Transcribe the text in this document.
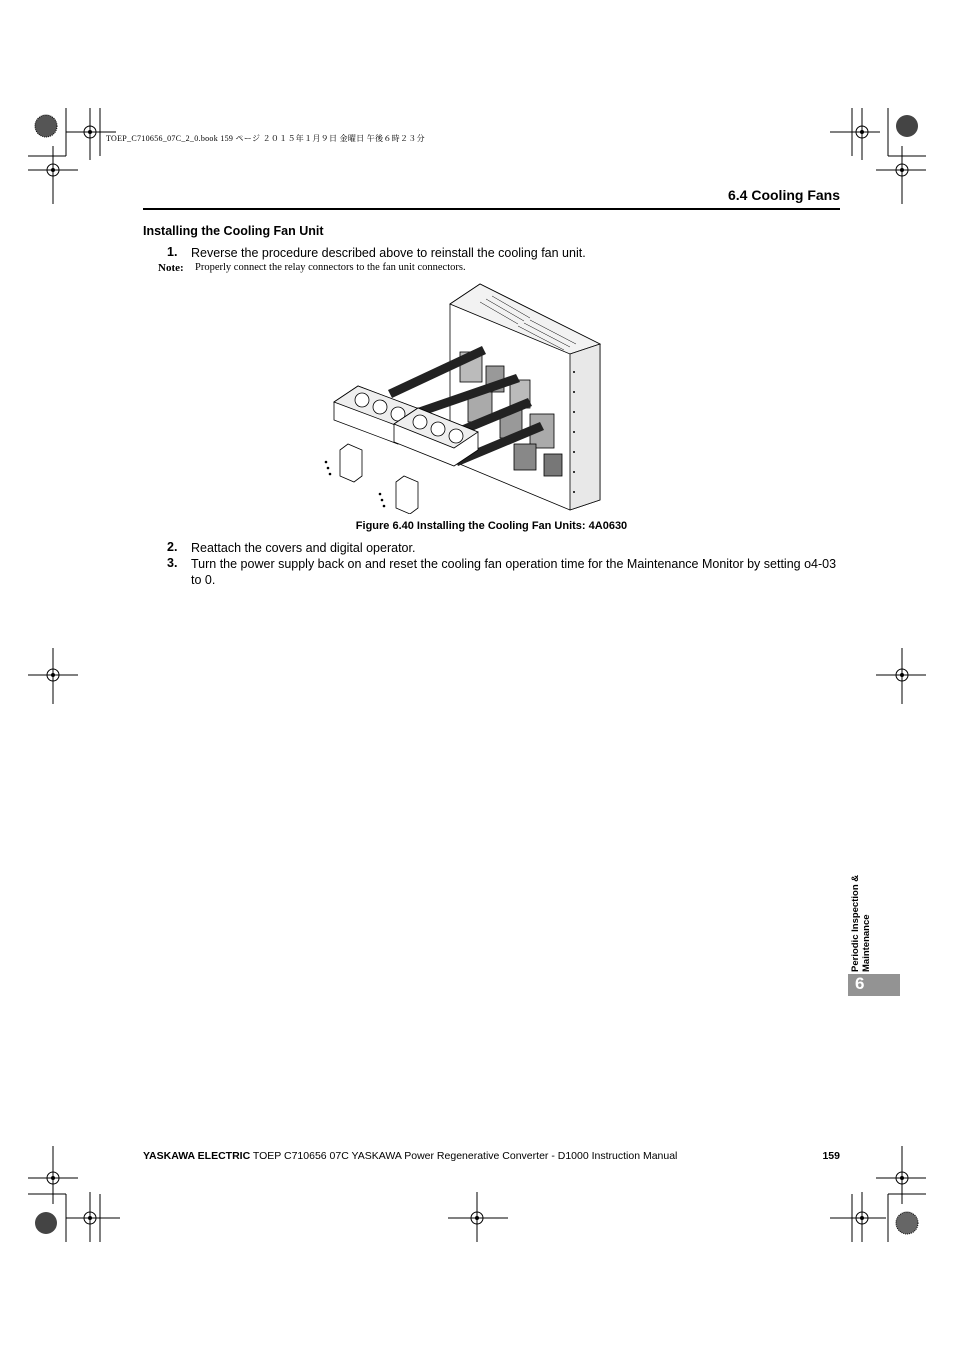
TOEP_C710656_07C_2_0.book 159 ページ ２０１５年１月９日 金曜日 午後６時２３分
6.4 Cooling Fans
Installing the Cooling Fan Unit
1. Reverse the procedure described above to reinstall the cooling fan unit.
Note: Properly connect the relay connectors to the fan unit connectors.
Figure 6.40 Installing the Cooling Fan Units: 4A0630
2. Reattach the covers and digital operator.
3. Turn the power supply back on and reset the cooling fan operation time for the Maintenance Monitor by setting o4-03 to 0.
Periodic Inspection & Maintenance
6
YASKAWA ELECTRIC TOEP C710656 07C YASKAWA Power Regenerative Converter - D1000 Instruction Manual	159
